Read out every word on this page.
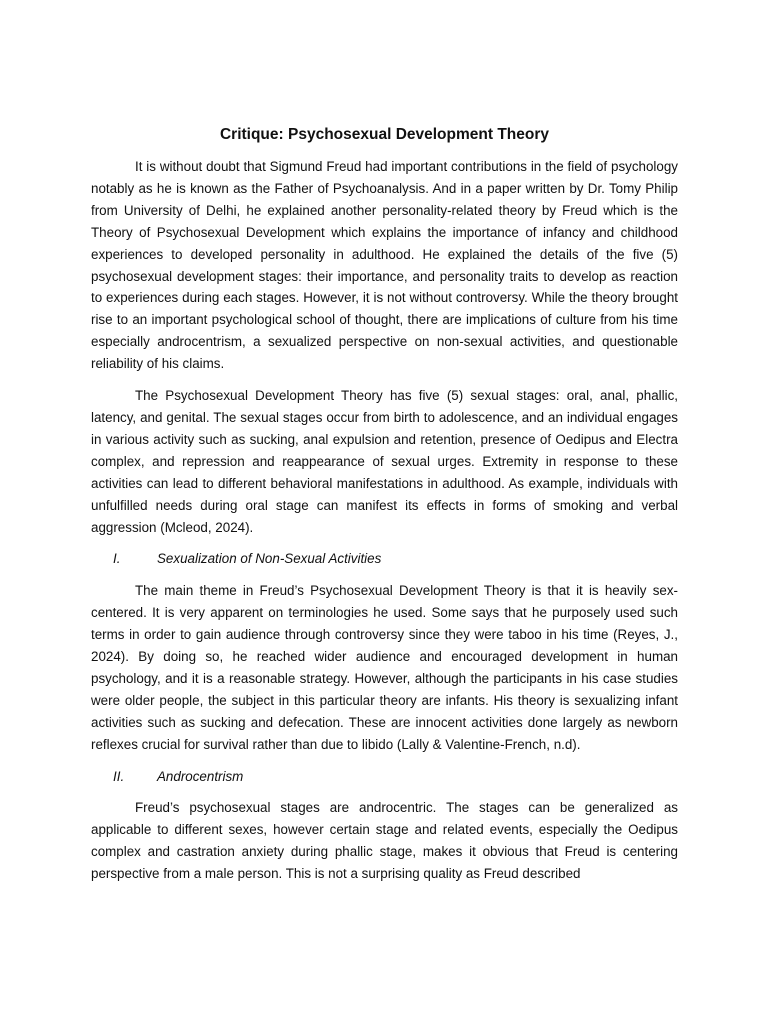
Critique: Psychosexual Development Theory

It is without doubt that Sigmund Freud had important contributions in the field of psychology notably as he is known as the Father of Psychoanalysis. And in a paper written by Dr. Tomy Philip from University of Delhi, he explained another personality-related theory by Freud which is the Theory of Psychosexual Development which explains the importance of infancy and childhood experiences to developed personality in adulthood. He explained the details of the five (5) psychosexual development stages: their importance, and personality traits to develop as reaction to experiences during each stages. However, it is not without controversy. While the theory brought rise to an important psychological school of thought, there are implications of culture from his time especially androcentrism, a sexualized perspective on non-sexual activities, and questionable reliability of his claims.

The Psychosexual Development Theory has five (5) sexual stages: oral, anal, phallic, latency, and genital. The sexual stages occur from birth to adolescence, and an individual engages in various activity such as sucking, anal expulsion and retention, presence of Oedipus and Electra complex, and repression and reappearance of sexual urges. Extremity in response to these activities can lead to different behavioral manifestations in adulthood. As example, individuals with unfulfilled needs during oral stage can manifest its effects in forms of smoking and verbal aggression (Mcleod, 2024).

I.	Sexualization of Non-Sexual Activities

The main theme in Freud’s Psychosexual Development Theory is that it is heavily sex-centered. It is very apparent on terminologies he used. Some says that he purposely used such terms in order to gain audience through controversy since they were taboo in his time (Reyes, J., 2024). By doing so, he reached wider audience and encouraged development in human psychology, and it is a reasonable strategy. However, although the participants in his case studies were older people, the subject in this particular theory are infants. His theory is sexualizing infant activities such as sucking and defecation. These are innocent activities done largely as newborn reflexes crucial for survival rather than due to libido (Lally & Valentine-French, n.d).

II.	Androcentrism

Freud’s psychosexual stages are androcentric. The stages can be generalized as applicable to different sexes, however certain stage and related events, especially the Oedipus complex and castration anxiety during phallic stage, makes it obvious that Freud is centering perspective from a male person. This is not a surprising quality as Freud described
